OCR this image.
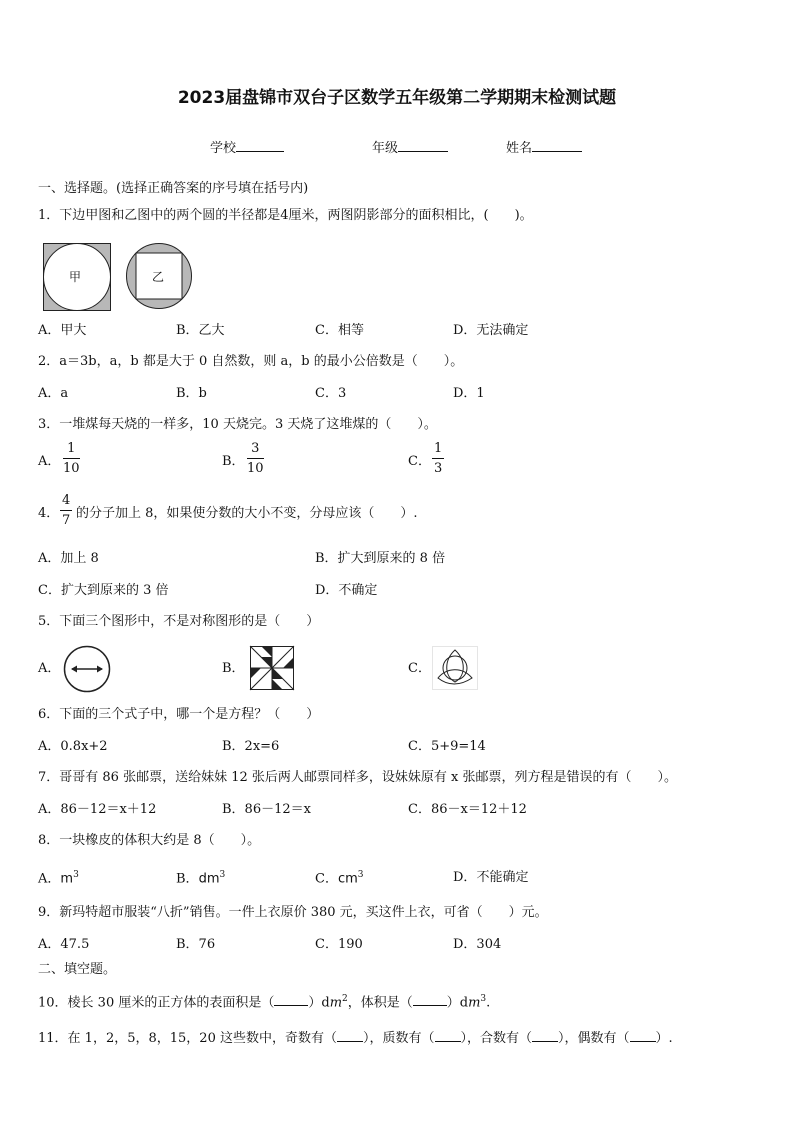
2023届盘锦市双台子区数学五年级第二学期期末检测试题
学校	年级	姓名
一、选择题。(选择正确答案的序号填在括号内)
1．下边甲图和乙图中的两个圆的半径都是4厘米，两图阴影部分的面积相比，(　　)。
甲	乙
A．甲大	B．乙大	C．相等	D．无法确定
2．a＝3b，a，b 都是大于 0 自然数，则 a，b 的最小公倍数是（　　）。
A．a	B．b	C．3	D．1
3．一堆煤每天烧的一样多，10 天烧完。3 天烧了这堆煤的（　　）。
A． $\frac{1}{10}$	B． $\frac{3}{10}$	C． $\frac{1}{3}$
4． $\frac{4}{7}$ 的分子加上 8，如果使分数的大小不变，分母应该（　　）.
A．加上 8	B．扩大到原来的 8 倍
C．扩大到原来的 3 倍	D．不确定
5．下面三个图形中，不是对称图形的是（　　）
A．	B．	C．
6．下面的三个式子中，哪一个是方程？（　　）
A．0.8x+2	B．2x=6	C．5+9=14
7．哥哥有 86 张邮票，送给妹妹 12 张后两人邮票同样多，设妹妹原有 x 张邮票，列方程是错误的有（　　）。
A．86－12＝x＋12	B．86－12＝x	C．86－x＝12＋12
8．一块橡皮的体积大约是 8（　　）。
A．$m^3$	B．$dm^3$	C．$cm^3$	D．不能确定
9．新玛特超市服装“八折”销售。一件上衣原价 380 元，买这件上衣，可省（　　）元。
A．47.5	B．76	C．190	D．304
二、填空题。
10．棱长 30 厘米的正方体的表面积是（	）$dm^2$，体积是（	）$dm^3$.
11．在 1，2，5，8，15，20 这些数中，奇数有（ ），质数有（ ），合数有（ ），偶数有（ ）.
